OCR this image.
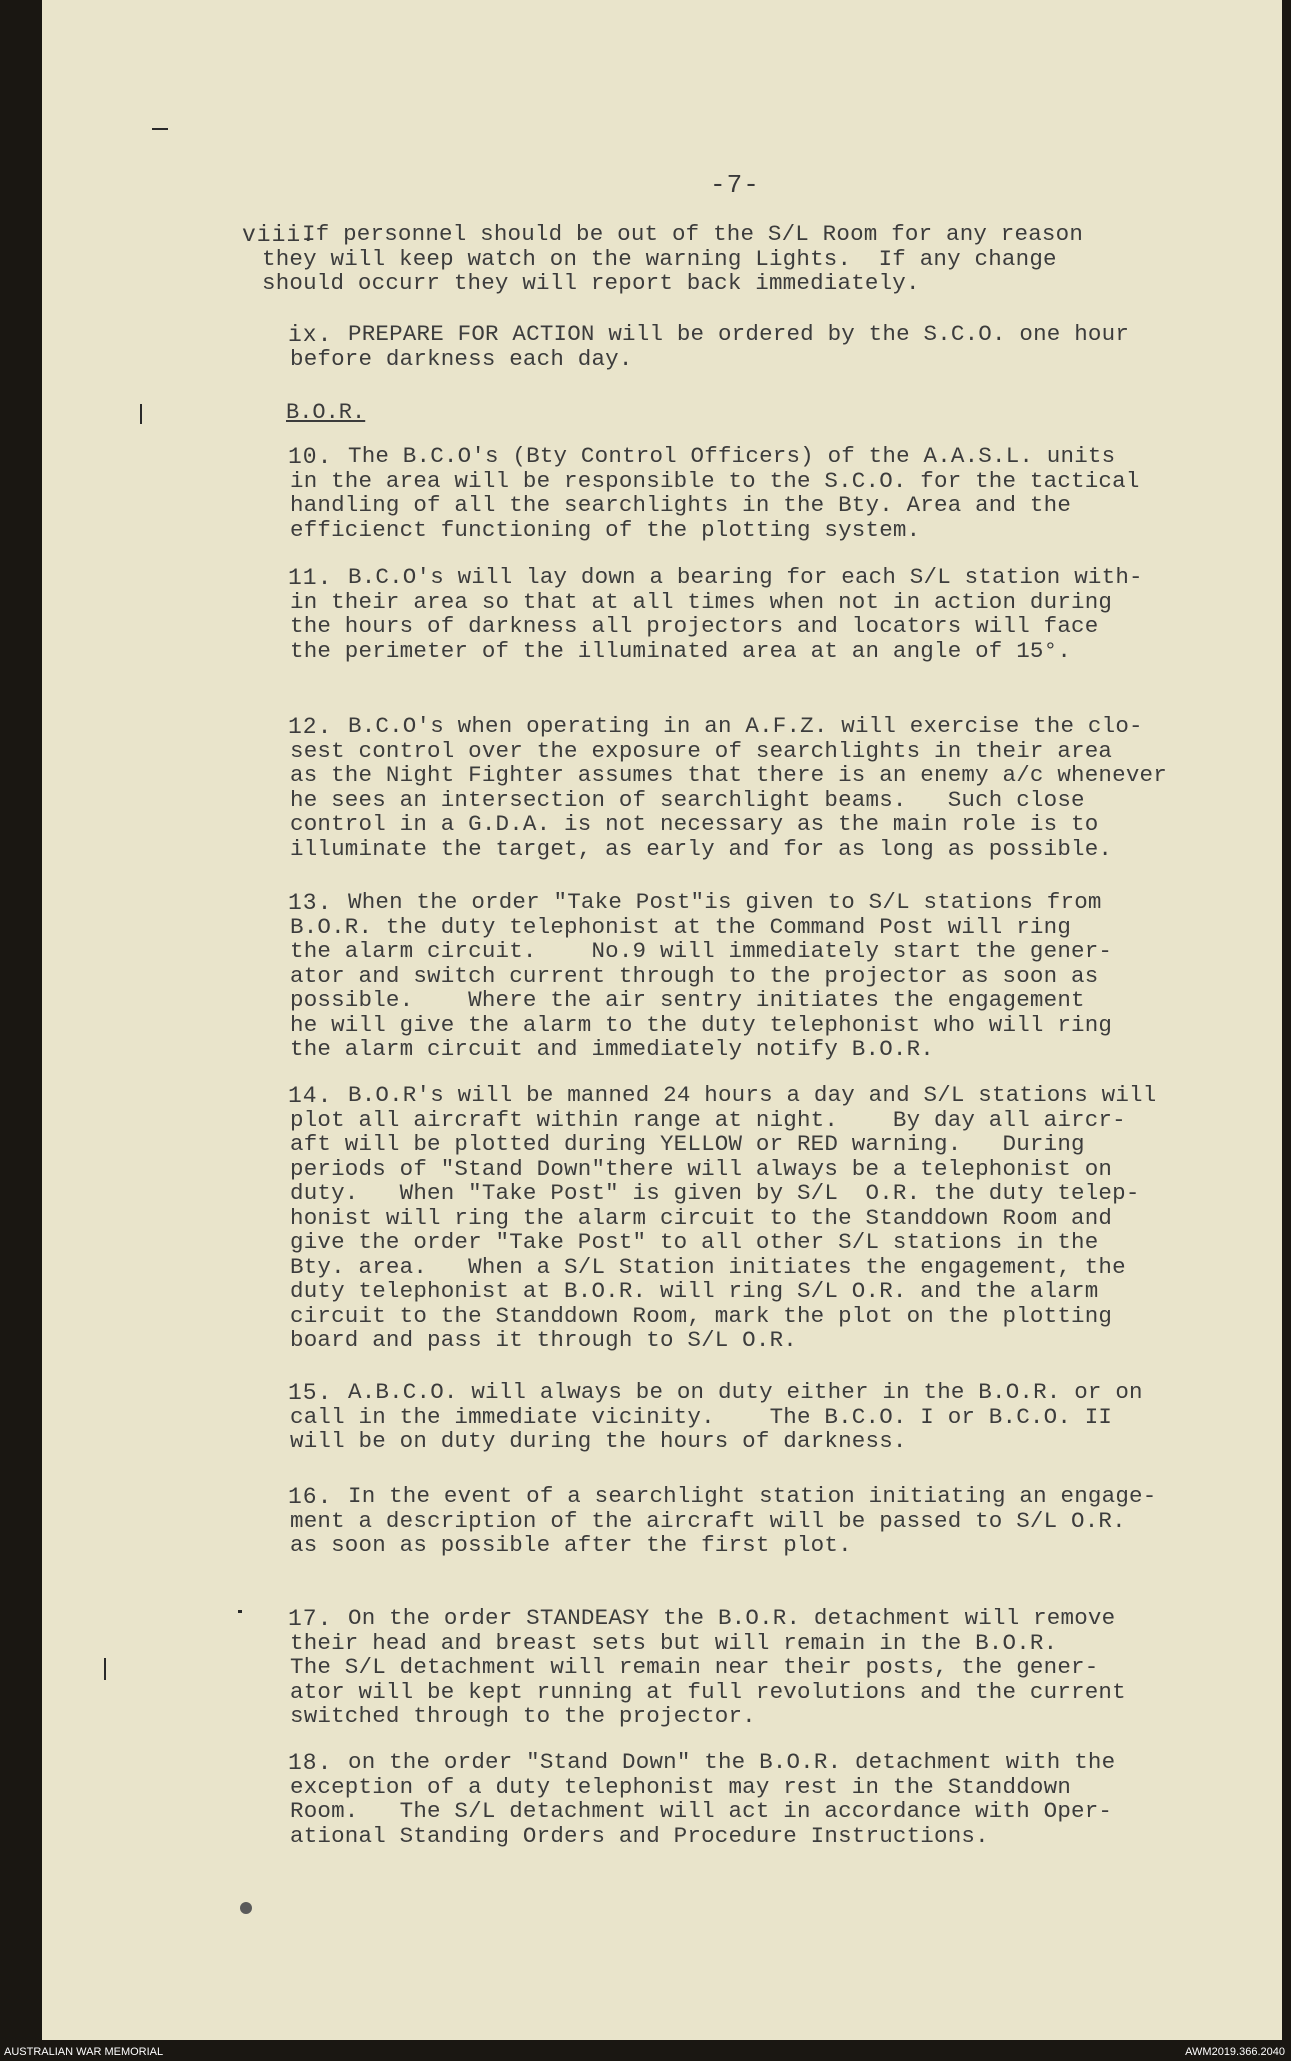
-7-
viii.
If personnel should be out of the S/L Room for any reason
they will keep watch on the warning Lights.  If any change
should occurr they will report back immediately.
ix. PREPARE FOR ACTION will be ordered by the S.C.O. one hour
before darkness each day.
B.O.R.
10. The B.C.O's (Bty Control Officers) of the A.A.S.L. units
in the area will be responsible to the S.C.O. for the tactical
handling of all the searchlights in the Bty. Area and the
efficienct functioning of the plotting system.
11. B.C.O's will lay down a bearing for each S/L station with-
in their area so that at all times when not in action during
the hours of darkness all projectors and locators will face
the perimeter of the illuminated area at an angle of 15°.
12. B.C.O's when operating in an A.F.Z. will exercise the clo-
sest control over the exposure of searchlights in their area
as the Night Fighter assumes that there is an enemy a/c whenever
he sees an intersection of searchlight beams.   Such close
control in a G.D.A. is not necessary as the main role is to
illuminate the target, as early and for as long as possible.
13. When the order "Take Post"is given to S/L stations from
B.O.R. the duty telephonist at the Command Post will ring
the alarm circuit.    No.9 will immediately start the gener-
ator and switch current through to the projector as soon as
possible.    Where the air sentry initiates the engagement
he will give the alarm to the duty telephonist who will ring
the alarm circuit and immediately notify B.O.R.
14. B.O.R's will be manned 24 hours a day and S/L stations will
plot all aircraft within range at night.    By day all aircr-
aft will be plotted during YELLOW or RED warning.   During
periods of "Stand Down"there will always be a telephonist on
duty.   When "Take Post" is given by S/L  O.R. the duty telep-
honist will ring the alarm circuit to the Standdown Room and
give the order "Take Post" to all other S/L stations in the
Bty. area.   When a S/L Station initiates the engagement, the
duty telephonist at B.O.R. will ring S/L O.R. and the alarm
circuit to the Standdown Room, mark the plot on the plotting
board and pass it through to S/L O.R.
15. A.B.C.O. will always be on duty either in the B.O.R. or on
call in the immediate vicinity.    The B.C.O. I or B.C.O. II
will be on duty during the hours of darkness.
16. In the event of a searchlight station initiating an engage-
ment a description of the aircraft will be passed to S/L O.R.
as soon as possible after the first plot.
17. On the order STANDEASY the B.O.R. detachment will remove
their head and breast sets but will remain in the B.O.R.
The S/L detachment will remain near their posts, the gener-
ator will be kept running at full revolutions and the current
switched through to the projector.
18. on the order "Stand Down" the B.O.R. detachment with the
exception of a duty telephonist may rest in the Standdown
Room.   The S/L detachment will act in accordance with Oper-
ational Standing Orders and Procedure Instructions.
AUSTRALIAN WAR MEMORIAL	AWM2019.366.2040
